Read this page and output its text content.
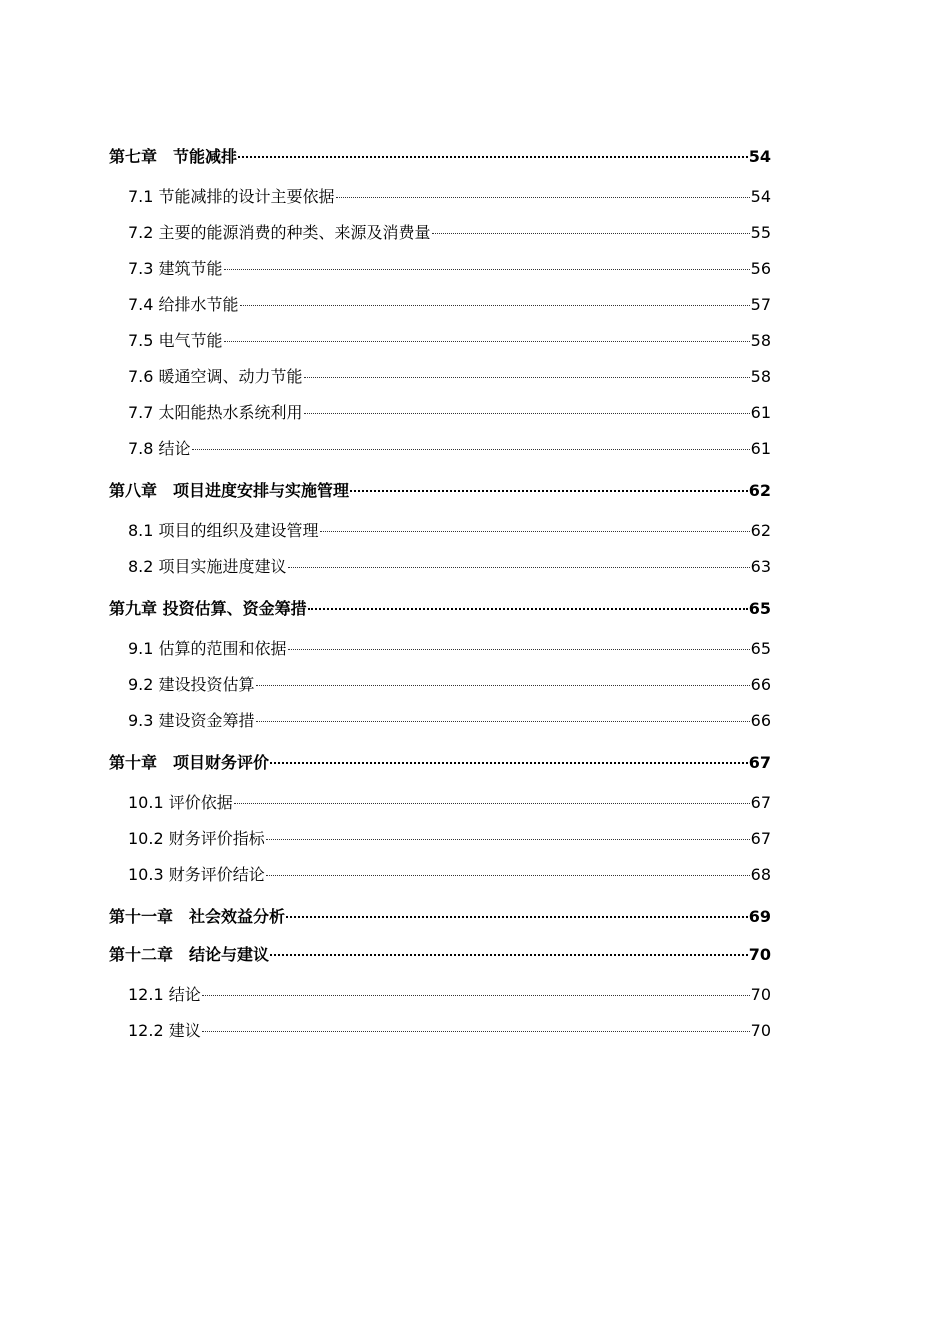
第七章　节能减排	54
7.1 节能减排的设计主要依据	54
7.2 主要的能源消费的种类、来源及消费量	55
7.3 建筑节能	56
7.4 给排水节能	57
7.5 电气节能	58
7.6 暖通空调、动力节能	58
7.7 太阳能热水系统利用	61
7.8 结论	61
第八章　项目进度安排与实施管理	62
8.1 项目的组织及建设管理	62
8.2 项目实施进度建议	63
第九章 投资估算、资金筹措	65
9.1 估算的范围和依据	65
9.2 建设投资估算	66
9.3 建设资金筹措	66
第十章　项目财务评价	67
10.1 评价依据	67
10.2 财务评价指标	67
10.3 财务评价结论	68
第十一章　社会效益分析	69
第十二章　结论与建议	70
12.1 结论	70
12.2 建议	70
